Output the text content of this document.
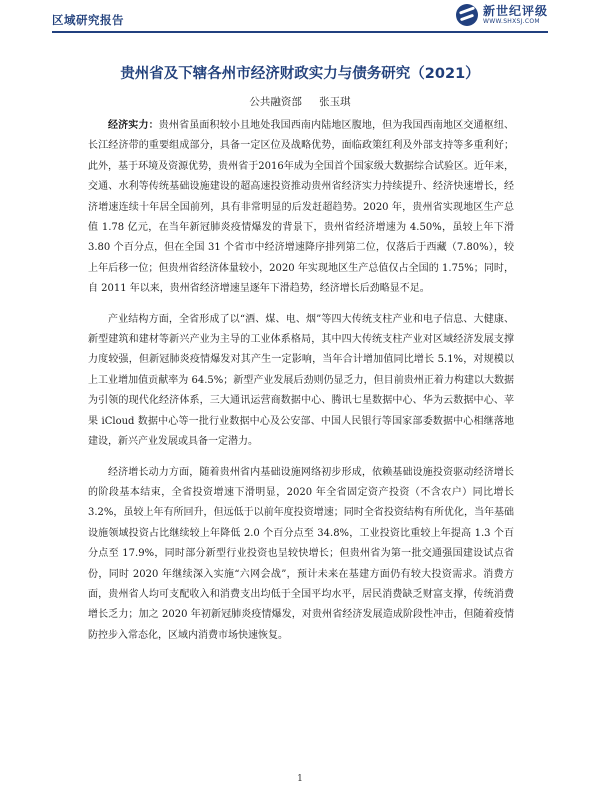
区域研究报告
新世纪评级
WWW.SHXSJ.COM
贵州省及下辖各州市经济财政实力与债务研究（2021）
公共融资部 张玉琪

经济实力：贵州省虽面积较小且地处我国西南内陆地区腹地，但为我国西南地区交通枢纽、长江经济带的重要组成部分，具备一定区位及战略优势，面临政策红利及外部支持等多重利好；此外，基于环境及资源优势，贵州省于2016年成为全国首个国家级大数据综合试验区。近年来，交通、水利等传统基础设施建设的超高速投资推动贵州省经济实力持续提升、经济快速增长，经济增速连续十年居全国前列，具有非常明显的后发赶超趋势。2020 年，贵州省实现地区生产总值 1.78 亿元，在当年新冠肺炎疫情爆发的背景下，贵州省经济增速为 4.50%，虽较上年下滑 3.80 个百分点，但在全国 31 个省市中经济增速降序排列第二位，仅落后于西藏（7.80%），较上年后移一位；但贵州省经济体量较小，2020 年实现地区生产总值仅占全国的 1.75%；同时，自 2011 年以来，贵州省经济增速呈逐年下滑趋势，经济增长后劲略显不足。

产业结构方面，全省形成了以“酒、煤、电、烟”等四大传统支柱产业和电子信息、大健康、新型建筑和建材等新兴产业为主导的工业体系格局，其中四大传统支柱产业对区域经济发展支撑力度较强，但新冠肺炎疫情爆发对其产生一定影响，当年合计增加值同比增长 5.1%，对规模以上工业增加值贡献率为 64.5%；新型产业发展后劲则仍显乏力，但目前贵州正着力构建以大数据为引领的现代化经济体系，三大通讯运营商数据中心、腾讯七星数据中心、华为云数据中心、苹果 iCloud 数据中心等一批行业数据中心及公安部、中国人民银行等国家部委数据中心相继落地建设，新兴产业发展或具备一定潜力。

经济增长动力方面，随着贵州省内基础设施网络初步形成，依赖基础设施投资驱动经济增长的阶段基本结束，全省投资增速下滑明显，2020 年全省固定资产投资（不含农户）同比增长 3.2%，虽较上年有所回升，但远低于以前年度投资增速；同时全省投资结构有所优化，当年基础设施领域投资占比继续较上年降低 2.0 个百分点至 34.8%，工业投资比重较上年提高 1.3 个百分点至 17.9%，同时部分新型行业投资也呈较快增长；但贵州省为第一批交通强国建设试点省份，同时 2020 年继续深入实施“六网会战”，预计未来在基建方面仍有较大投资需求。消费方面，贵州省人均可支配收入和消费支出均低于全国平均水平，居民消费缺乏财富支撑，传统消费增长乏力；加之 2020 年初新冠肺炎疫情爆发，对贵州省经济发展造成阶段性冲击，但随着疫情防控步入常态化，区域内消费市场快速恢复。

1
